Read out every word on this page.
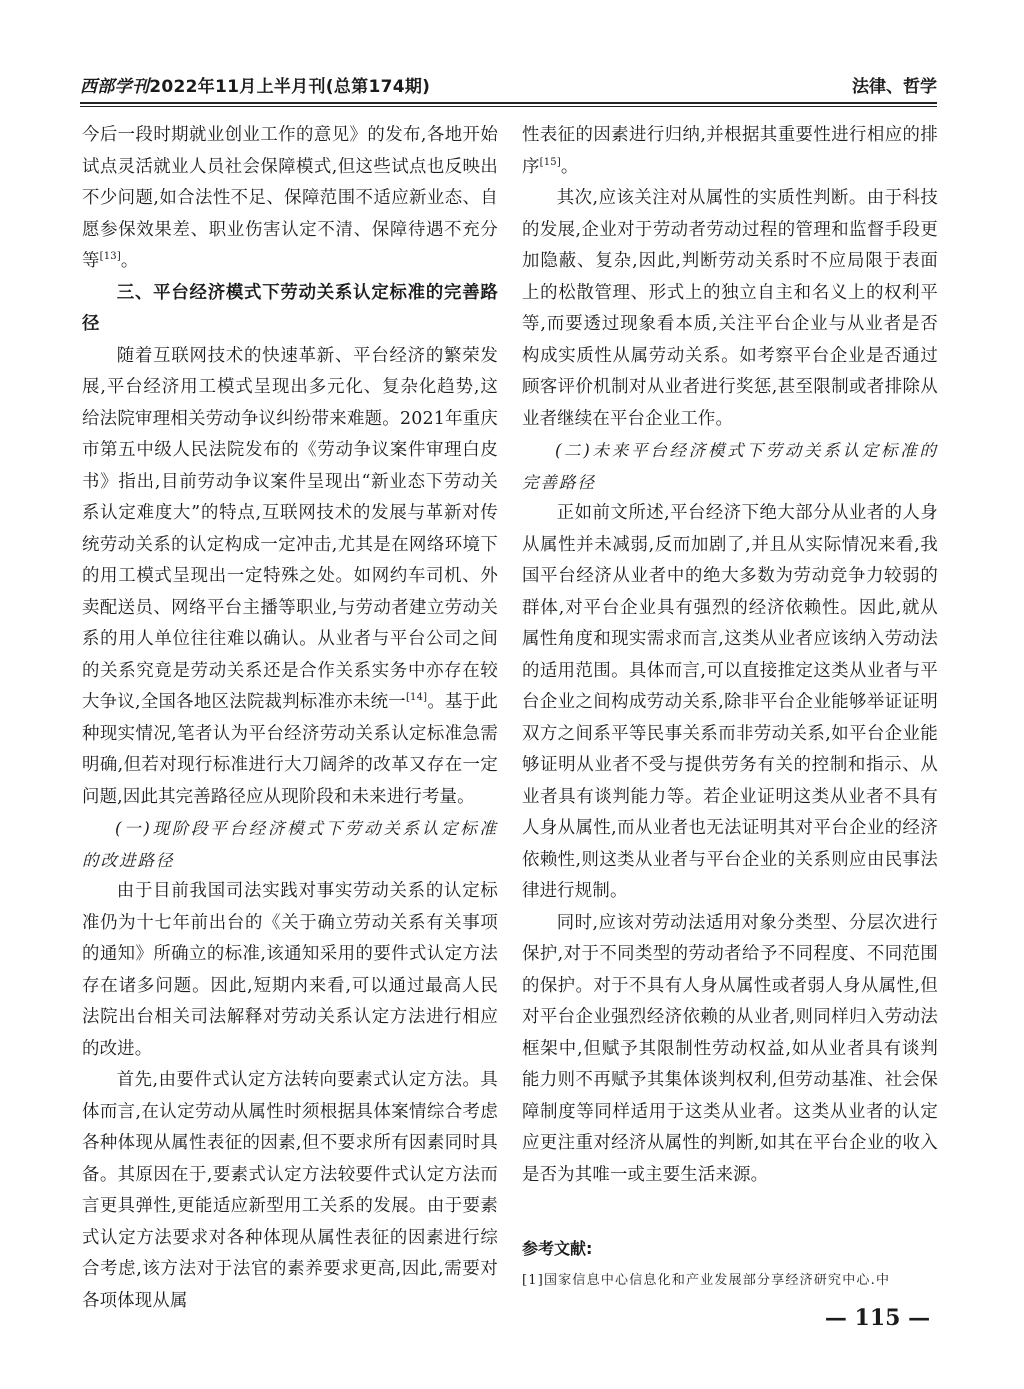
西部学刊2022年11月上半月刊(总第174期)	法律、哲学

今后一段时期就业创业工作的意见》的发布,各地开始试点灵活就业人员社会保障模式,但这些试点也反映出不少问题,如合法性不足、保障范围不适应新业态、自愿参保效果差、职业伤害认定不清、保障待遇不充分等[13]。

三、平台经济模式下劳动关系认定标准的完善路径

随着互联网技术的快速革新、平台经济的繁荣发展,平台经济用工模式呈现出多元化、复杂化趋势,这给法院审理相关劳动争议纠纷带来难题。2021年重庆市第五中级人民法院发布的《劳动争议案件审理白皮书》指出,目前劳动争议案件呈现出“新业态下劳动关系认定难度大”的特点,互联网技术的发展与革新对传统劳动关系的认定构成一定冲击,尤其是在网络环境下的用工模式呈现出一定特殊之处。如网约车司机、外卖配送员、网络平台主播等职业,与劳动者建立劳动关系的用人单位往往难以确认。从业者与平台公司之间的关系究竟是劳动关系还是合作关系实务中亦存在较大争议,全国各地区法院裁判标准亦未统一[14]。基于此种现实情况,笔者认为平台经济劳动关系认定标准急需明确,但若对现行标准进行大刀阔斧的改革又存在一定问题,因此其完善路径应从现阶段和未来进行考量。

(一)现阶段平台经济模式下劳动关系认定标准的改进路径

由于目前我国司法实践对事实劳动关系的认定标准仍为十七年前出台的《关于确立劳动关系有关事项的通知》所确立的标准,该通知采用的要件式认定方法存在诸多问题。因此,短期内来看,可以通过最高人民法院出台相关司法解释对劳动关系认定方法进行相应的改进。

首先,由要件式认定方法转向要素式认定方法。具体而言,在认定劳动从属性时须根据具体案情综合考虑各种体现从属性表征的因素,但不要求所有因素同时具备。其原因在于,要素式认定方法较要件式认定方法而言更具弹性,更能适应新型用工关系的发展。由于要素式认定方法要求对各种体现从属性表征的因素进行综合考虑,该方法对于法官的素养要求更高,因此,需要对各项体现从属

性表征的因素进行归纳,并根据其重要性进行相应的排序[15]。

其次,应该关注对从属性的实质性判断。由于科技的发展,企业对于劳动者劳动过程的管理和监督手段更加隐蔽、复杂,因此,判断劳动关系时不应局限于表面上的松散管理、形式上的独立自主和名义上的权利平等,而要透过现象看本质,关注平台企业与从业者是否构成实质性从属劳动关系。如考察平台企业是否通过顾客评价机制对从业者进行奖惩,甚至限制或者排除从业者继续在平台企业工作。

(二)未来平台经济模式下劳动关系认定标准的完善路径

正如前文所述,平台经济下绝大部分从业者的人身从属性并未减弱,反而加剧了,并且从实际情况来看,我国平台经济从业者中的绝大多数为劳动竞争力较弱的群体,对平台企业具有强烈的经济依赖性。因此,就从属性角度和现实需求而言,这类从业者应该纳入劳动法的适用范围。具体而言,可以直接推定这类从业者与平台企业之间构成劳动关系,除非平台企业能够举证证明双方之间系平等民事关系而非劳动关系,如平台企业能够证明从业者不受与提供劳务有关的控制和指示、从业者具有谈判能力等。若企业证明这类从业者不具有人身从属性,而从业者也无法证明其对平台企业的经济依赖性,则这类从业者与平台企业的关系则应由民事法律进行规制。

同时,应该对劳动法适用对象分类型、分层次进行保护,对于不同类型的劳动者给予不同程度、不同范围的保护。对于不具有人身从属性或者弱人身从属性,但对平台企业强烈经济依赖的从业者,则同样归入劳动法框架中,但赋予其限制性劳动权益,如从业者具有谈判能力则不再赋予其集体谈判权利,但劳动基准、社会保障制度等同样适用于这类从业者。这类从业者的认定应更注重对经济从属性的判断,如其在平台企业的收入是否为其唯一或主要生活来源。

参考文献:
[1]国家信息中心信息化和产业发展部分享经济研究中心.中
— 115 —
